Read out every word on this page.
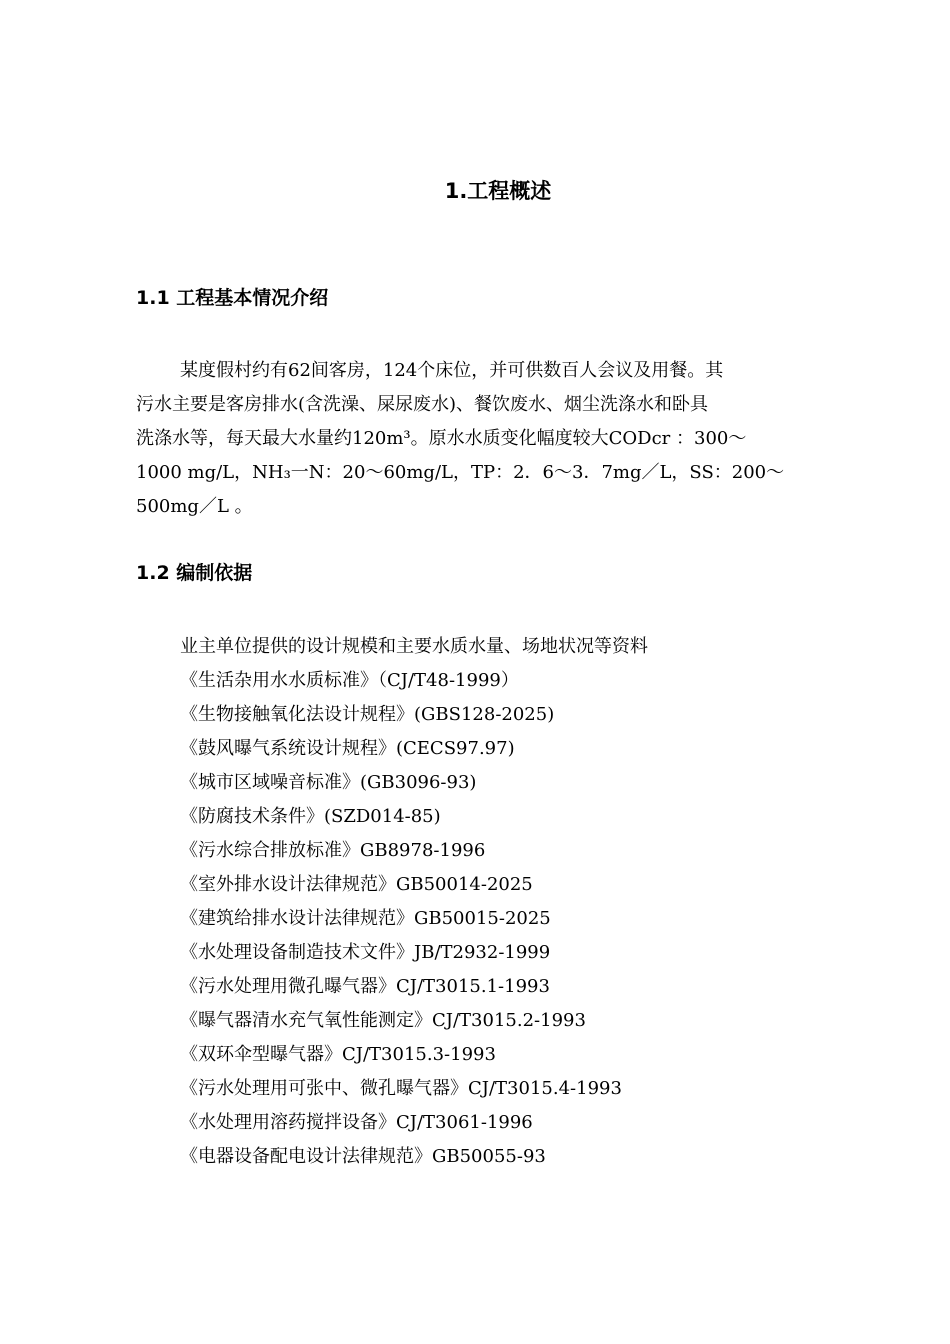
1.工程概述
1.1 工程基本情况介绍
某度假村约有62间客房，124个床位，并可供数百人会议及用餐。其
污水主要是客房排水(含洗澡、屎尿废水)、餐饮废水、烟尘洗涤水和卧具
洗涤水等，每天最大水量约120m³。原水水质变化幅度较大CODcr ：300～
1000 mg/L，NH₃一N：20～60mg/L，TP：2．6～3．7mg／L，SS：200～
500mg／L 。
1.2 编制依据
业主单位提供的设计规模和主要水质水量、场地状况等资料
《生活杂用水水质标准》（CJ/T48-1999）
《生物接触氧化法设计规程》(GBS128-2025)
《鼓风曝气系统设计规程》(CECS97.97)
《城市区域噪音标准》(GB3096-93)
《防腐技术条件》(SZD014-85)
《污水综合排放标准》GB8978-1996
《室外排水设计法律规范》GB50014-2025
《建筑给排水设计法律规范》GB50015-2025
《水处理设备制造技术文件》JB/T2932-1999
《污水处理用微孔曝气器》CJ/T3015.1-1993
《曝气器清水充气氧性能测定》CJ/T3015.2-1993
《双环伞型曝气器》CJ/T3015.3-1993
《污水处理用可张中、微孔曝气器》CJ/T3015.4-1993
《水处理用溶药搅拌设备》CJ/T3061-1996
《电器设备配电设计法律规范》GB50055-93
